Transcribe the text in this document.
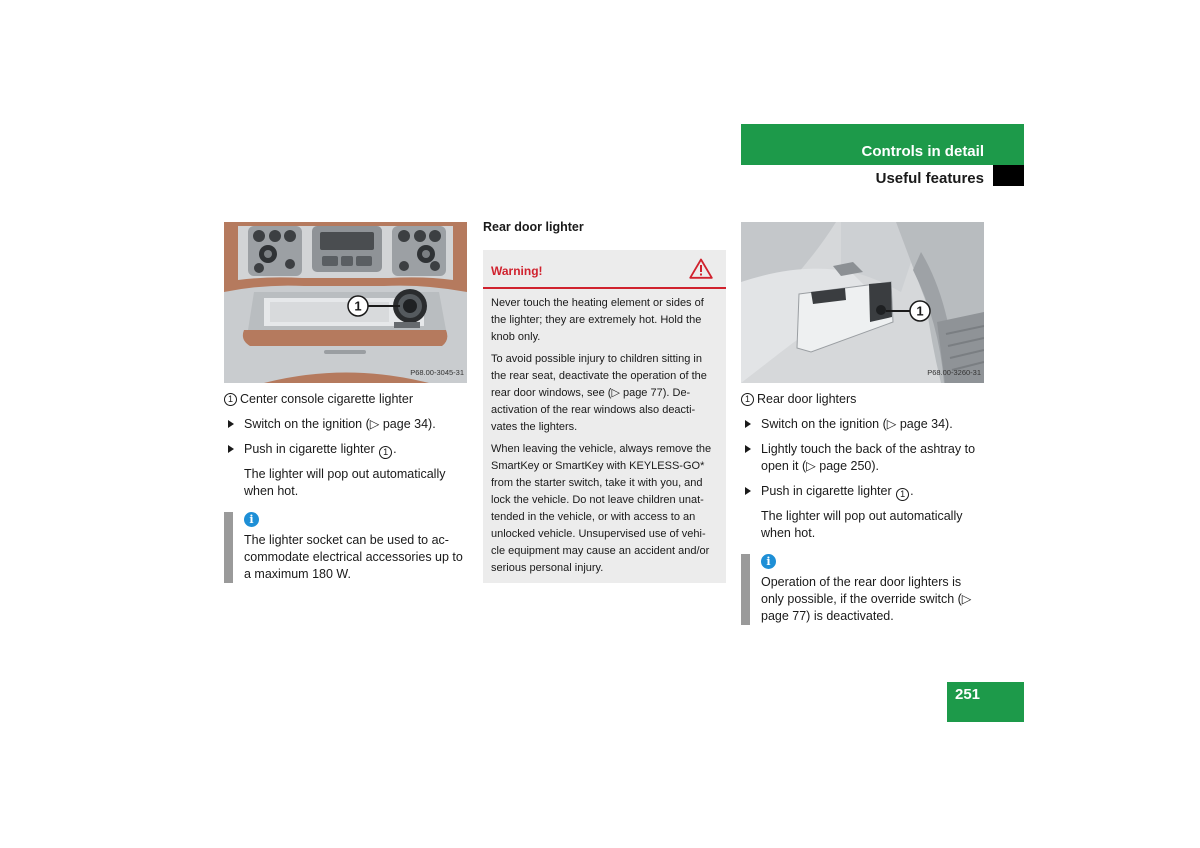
Controls in detail
Useful features
1
P68.00-3045-31
1 Center console cigarette lighter
Switch on the ignition (▷ page 34).
Push in cigarette lighter 1 .
The lighter will pop out automatically when hot.
i
The lighter socket can be used to ac-commodate electrical accessories up to a maximum 180 W.
Rear door lighter
Warning!

Never touch the heating element or sides of the lighter; they are extremely hot. Hold the knob only.

To avoid possible injury to children sitting in the rear seat, deactivate the operation of the rear door windows, see (▷ page 77). De-activation of the rear windows also deacti-vates the lighters.

When leaving the vehicle, always remove the SmartKey or SmartKey with KEYLESS-GO* from the starter switch, take it with you, and lock the vehicle. Do not leave children unat-tended in the vehicle, or with access to an unlocked vehicle. Unsupervised use of vehi-cle equipment may cause an accident and/or serious personal injury.

1
P68.00-3260-31
1 Rear door lighters
Switch on the ignition (▷ page 34).
Lightly touch the back of the ashtray to open it (▷ page 250).
Push in cigarette lighter 1 .
The lighter will pop out automatically when hot.
i
Operation of the rear door lighters is only possible, if the override switch (▷ page 77) is deactivated.
251
